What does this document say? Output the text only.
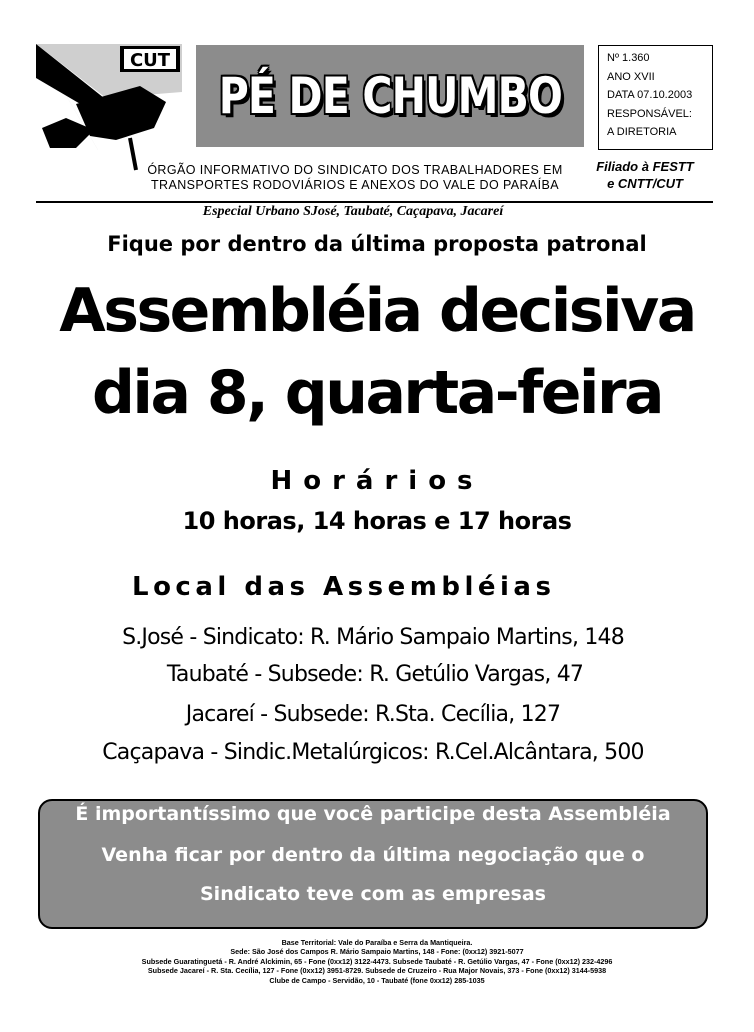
CUT
PÉ DE CHUMBO
Nº 1.360
ANO XVII
DATA 07.10.2003
RESPONSÁVEL:
A DIRETORIA
ÓRGÃO INFORMATIVO DO SINDICATO DOS TRABALHADORES EM
TRANSPORTES RODOVIÁRIOS E ANEXOS DO VALE DO PARAÍBA
Filiado à FESTT
e CNTT/CUT
Especial Urbano SJosé, Taubaté, Caçapava, Jacareí
Fique por dentro da última proposta patronal
Assembléia decisiva
dia 8, quarta-feira
Horários
10 horas, 14 horas e 17 horas
Local das Assembléias
S.José - Sindicato: R. Mário Sampaio Martins, 148
Taubaté - Subsede: R. Getúlio Vargas, 47
Jacareí - Subsede: R.Sta. Cecília, 127
Caçapava - Sindic.Metalúrgicos: R.Cel.Alcântara, 500
É importantíssimo que você participe desta Assembléia
Venha ficar por dentro da última negociação que o
Sindicato teve com as empresas
Base Territorial: Vale do Paraíba e Serra da Mantiqueira.
Sede: São José dos Campos R. Mário Sampaio Martins, 148 - Fone: (0xx12) 3921-5077
Subsede Guaratinguetá - R. André Alckimin, 65 - Fone (0xx12) 3122-4473. Subsede Taubaté - R. Getúlio Vargas, 47 - Fone (0xx12) 232-4296
Subsede Jacareí - R. Sta. Cecília, 127 - Fone (0xx12) 3951-8729. Subsede de Cruzeiro - Rua Major Novais, 373 - Fone (0xx12) 3144-5938
Clube de Campo - Servidão, 10 - Taubaté (fone 0xx12) 285-1035
